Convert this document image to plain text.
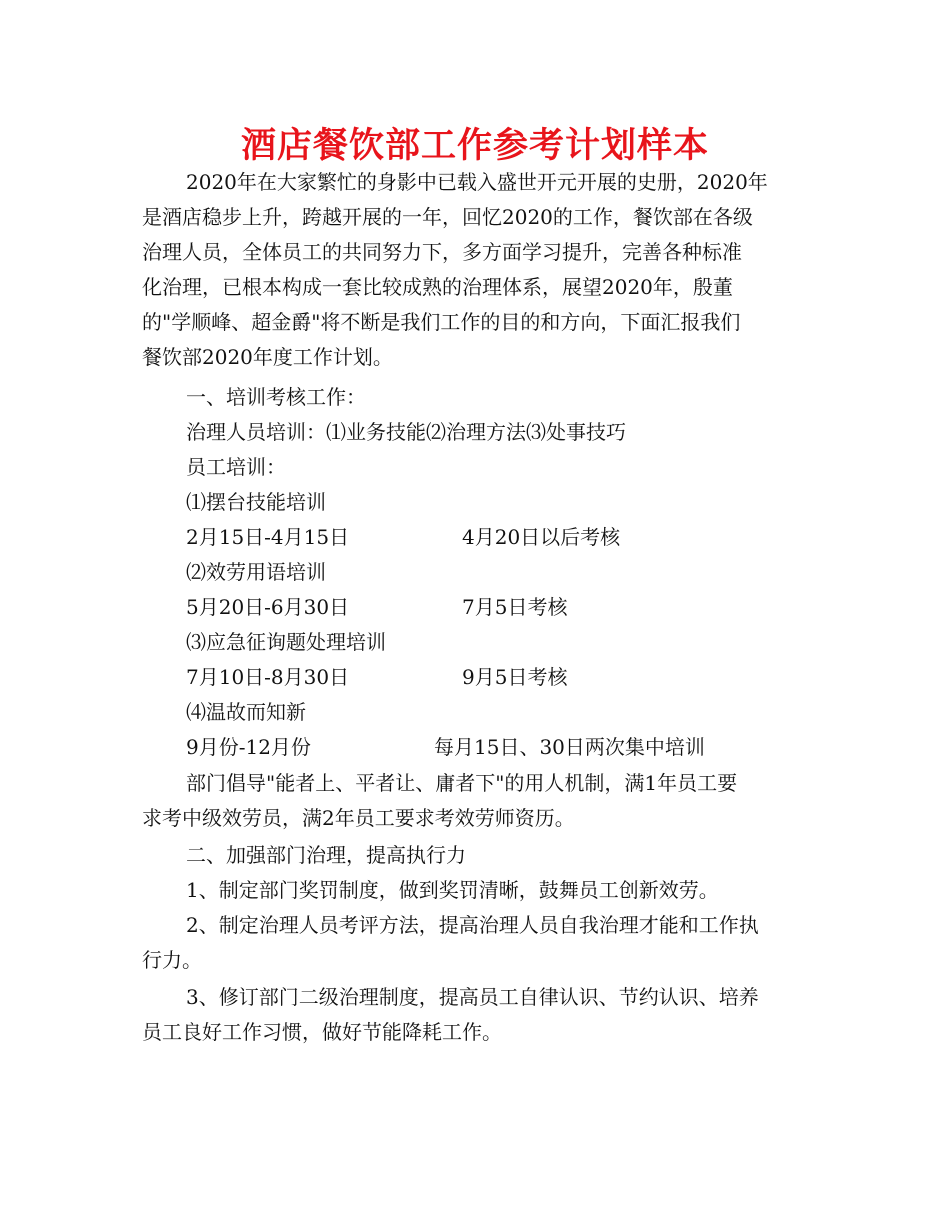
酒店餐饮部工作参考计划样本
2020年在大家繁忙的身影中已载入盛世开元开展的史册，2020年
是酒店稳步上升，跨越开展的一年，回忆2020的工作，餐饮部在各级
治理人员，全体员工的共同努力下，多方面学习提升，完善各种标准
化治理，已根本构成一套比较成熟的治理体系，展望2020年，殷董
的"学顺峰、超金爵"将不断是我们工作的目的和方向，下面汇报我们
餐饮部2020年度工作计划。
一、培训考核工作：
治理人员培训：⑴业务技能⑵治理方法⑶处事技巧
员工培训：
⑴摆台技能培训
2月15日-4月15日	4月20日以后考核
⑵效劳用语培训
5月20日-6月30日	7月5日考核
⑶应急征询题处理培训
7月10日-8月30日	9月5日考核
⑷温故而知新
9月份-12月份	每月15日、30日两次集中培训
部门倡导"能者上、平者让、庸者下"的用人机制，满1年员工要
求考中级效劳员，满2年员工要求考效劳师资历。
二、加强部门治理，提高执行力
1、制定部门奖罚制度，做到奖罚清晰，鼓舞员工创新效劳。
2、制定治理人员考评方法，提高治理人员自我治理才能和工作执
行力。
3、修订部门二级治理制度，提高员工自律认识、节约认识、培养
员工良好工作习惯，做好节能降耗工作。
